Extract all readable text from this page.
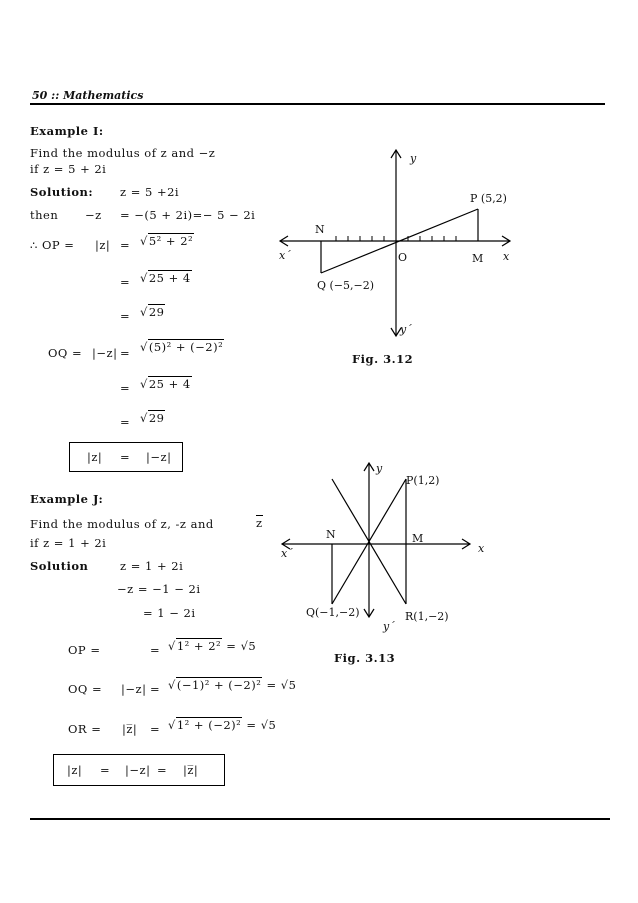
50 :: Mathematics
Example I:
Find the modulus of z and −z
if z = 5 + 2i
Solution: z = 5 +2i
then −z = −(5 + 2i)=− 5 − 2i
∴ OP = |z| = √5² + 2²
= √25 + 4
= √29
OQ = |−z| = √(5)² + (−2)²
= √25 + 4
= √29
|z| = |−z|
y
x
x´
y´
P (5,2)
N
O	M
Q (−5,−2)
Fig. 3.12
Example J:
Find the modulus of z, -z and	z
if z = 1 + 2i
Solution	z = 1 + 2i
−z = −1 − 2i
= 1 − 2i
OP =	= √1² + 2² = √5
OQ = |−z| = √(−1)² + (−2)² = √5
OR = |z̅| = √1² + (−2)² = √5
|z| = |−z| = |z̅|
y
x
x´
y´
P(1,2)
N	M
Q(−1,−2)	R(1,−2)
Fig. 3.13
